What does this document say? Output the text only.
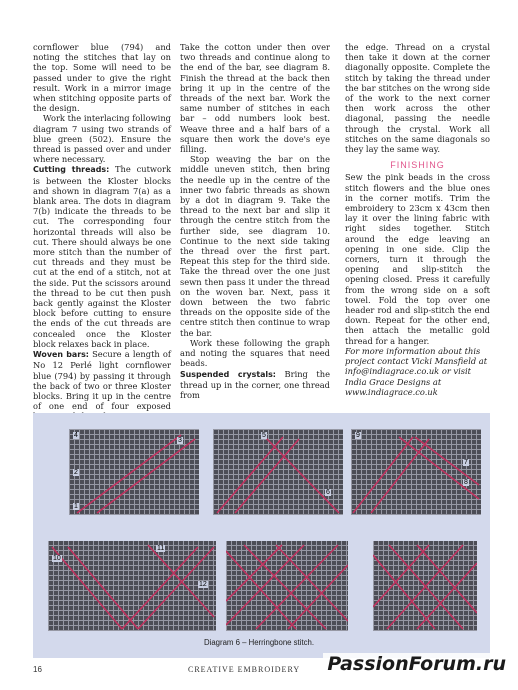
cornflower blue (794) and noting the stitches that lay on the top. Some will need to be passed under to give the right result. Work in a mirror image when stitching opposite parts of the design.

Work the interlacing following diagram 7 using two strands of blue green (502). Ensure the thread is passed over and under where necessary.

Cutting threads: The cutwork is between the Kloster blocks and shown in diagram 7(a) as a blank area. The dots in diagram 7(b) indicate the threads to be cut. The corresponding four horizontal threads will also be cut. There should always be one more stitch than the number of cut threads and they must be cut at the end of a stitch, not at the side. Put the scissors around the thread to be cut then push back gently against the Kloster block before cutting to ensure the ends of the cut threads are concealed once the Kloster block relaxes back in place.

Woven bars: Secure a length of No 12 Perlé light cornflower blue (794) by passing it through the back of two or three Kloster blocks. Bring it up in the centre of one end of four exposed

Take the cotton under then over two threads and continue along to the end of the bar, see diagram 8. Finish the thread at the back then bring it up in the centre of the threads of the next bar. Work the same number of stitches in each bar – odd numbers look best. Weave three and a half bars of a square then work the dove's eye filling.

Stop weaving the bar on the middle uneven stitch, then bring the needle up in the centre of the inner two fabric threads as shown by a dot in diagram 9. Take the thread to the next bar and slip it through the centre stitch from the further side, see diagram 10. Continue to the next side taking the thread over the first part. Repeat this step for the third side. Take the thread over the one just sewn then pass it under the thread on the woven bar. Next, pass it down between the two fabric threads on the opposite side of the centre stitch then continue to wrap the bar.

Work these following the graph and noting the squares that need beads.

Suspended crystals: Bring the thread up in the corner, one thread from

the edge. Thread on a crystal then take it down at the corner diagonally opposite. Complete the stitch by taking the thread under the bar stitches on the wrong side of the work to the next corner then work across the other diagonal, passing the needle through the crystal. Work all stitches on the same diagonals so they lay the same way.

FINISHING

Sew the pink beads in the cross stitch flowers and the blue ones in the corner motifs. Trim the embroidery to 23cm x 43cm then lay it over the lining fabric with right sides together. Stitch around the edge leaving an opening in one side. Clip the corners, turn it through the opening and slip-stitch the opening closed. Press it carefully from the wrong side on a soft towel. Fold the top over one header rod and slip-stitch the end down. Repeat for the other end, then attach the metallic gold thread for a hanger.

For more information about this project contact Vicki Mansfield at info@indiagrace.co.uk or visit India Grace Designs at www.indiagrace.co.uk

4
3
2
1
5
6
9
7
8
10
11
12
Diagram 6 – Herringbone stitch.
16	CREATIVE EMBROIDERY PassionForum.ru
